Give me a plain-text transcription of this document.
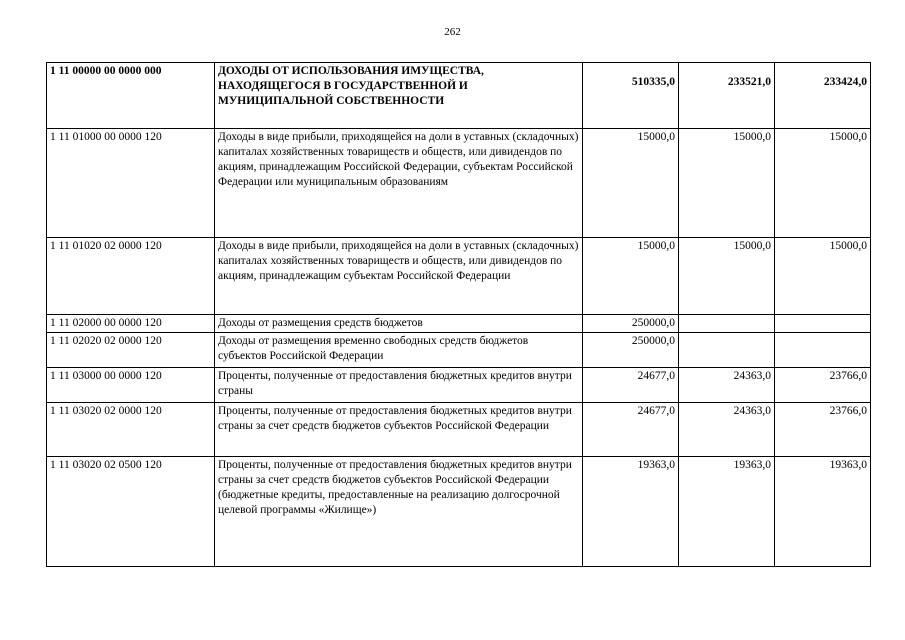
262
1 11 00000 00 0000 000	ДОХОДЫ ОТ ИСПОЛЬЗОВАНИЯ ИМУЩЕСТВА, НАХОДЯЩЕГОСЯ В ГОСУДАРСТВЕННОЙ И МУНИЦИПАЛЬНОЙ СОБСТВЕННОСТИ	510335,0	233521,0	233424,0
1 11 01000 00 0000 120	Доходы в виде прибыли, приходящейся на доли в уставных (складочных) капиталах хозяйственных товариществ и обществ, или дивидендов по акциям, принадлежащим Российской Федерации, субъектам Российской Федерации или муниципальным образованиям	15000,0	15000,0	15000,0
1 11 01020 02 0000 120	Доходы в виде прибыли, приходящейся на доли в уставных (складочных) капиталах хозяйственных товариществ и обществ, или дивидендов по акциям, принадлежащим субъектам Российской Федерации	15000,0	15000,0	15000,0
1 11 02000 00 0000 120	Доходы от размещения средств бюджетов	250000,0		
1 11 02020 02 0000 120	Доходы от размещения временно свободных средств бюджетов субъектов Российской Федерации	250000,0		
1 11 03000 00 0000 120	Проценты, полученные от предоставления бюджетных кредитов внутри страны	24677,0	24363,0	23766,0
1 11 03020 02 0000 120	Проценты, полученные от предоставления бюджетных кредитов внутри страны за счет средств бюджетов субъектов Российской Федерации	24677,0	24363,0	23766,0
1 11 03020 02 0500 120	Проценты, полученные от предоставления бюджетных кредитов внутри страны за счет средств бюджетов субъектов Российской Федерации (бюджетные кредиты, предоставленные на реализацию долгосрочной целевой программы «Жилище»)	19363,0	19363,0	19363,0
